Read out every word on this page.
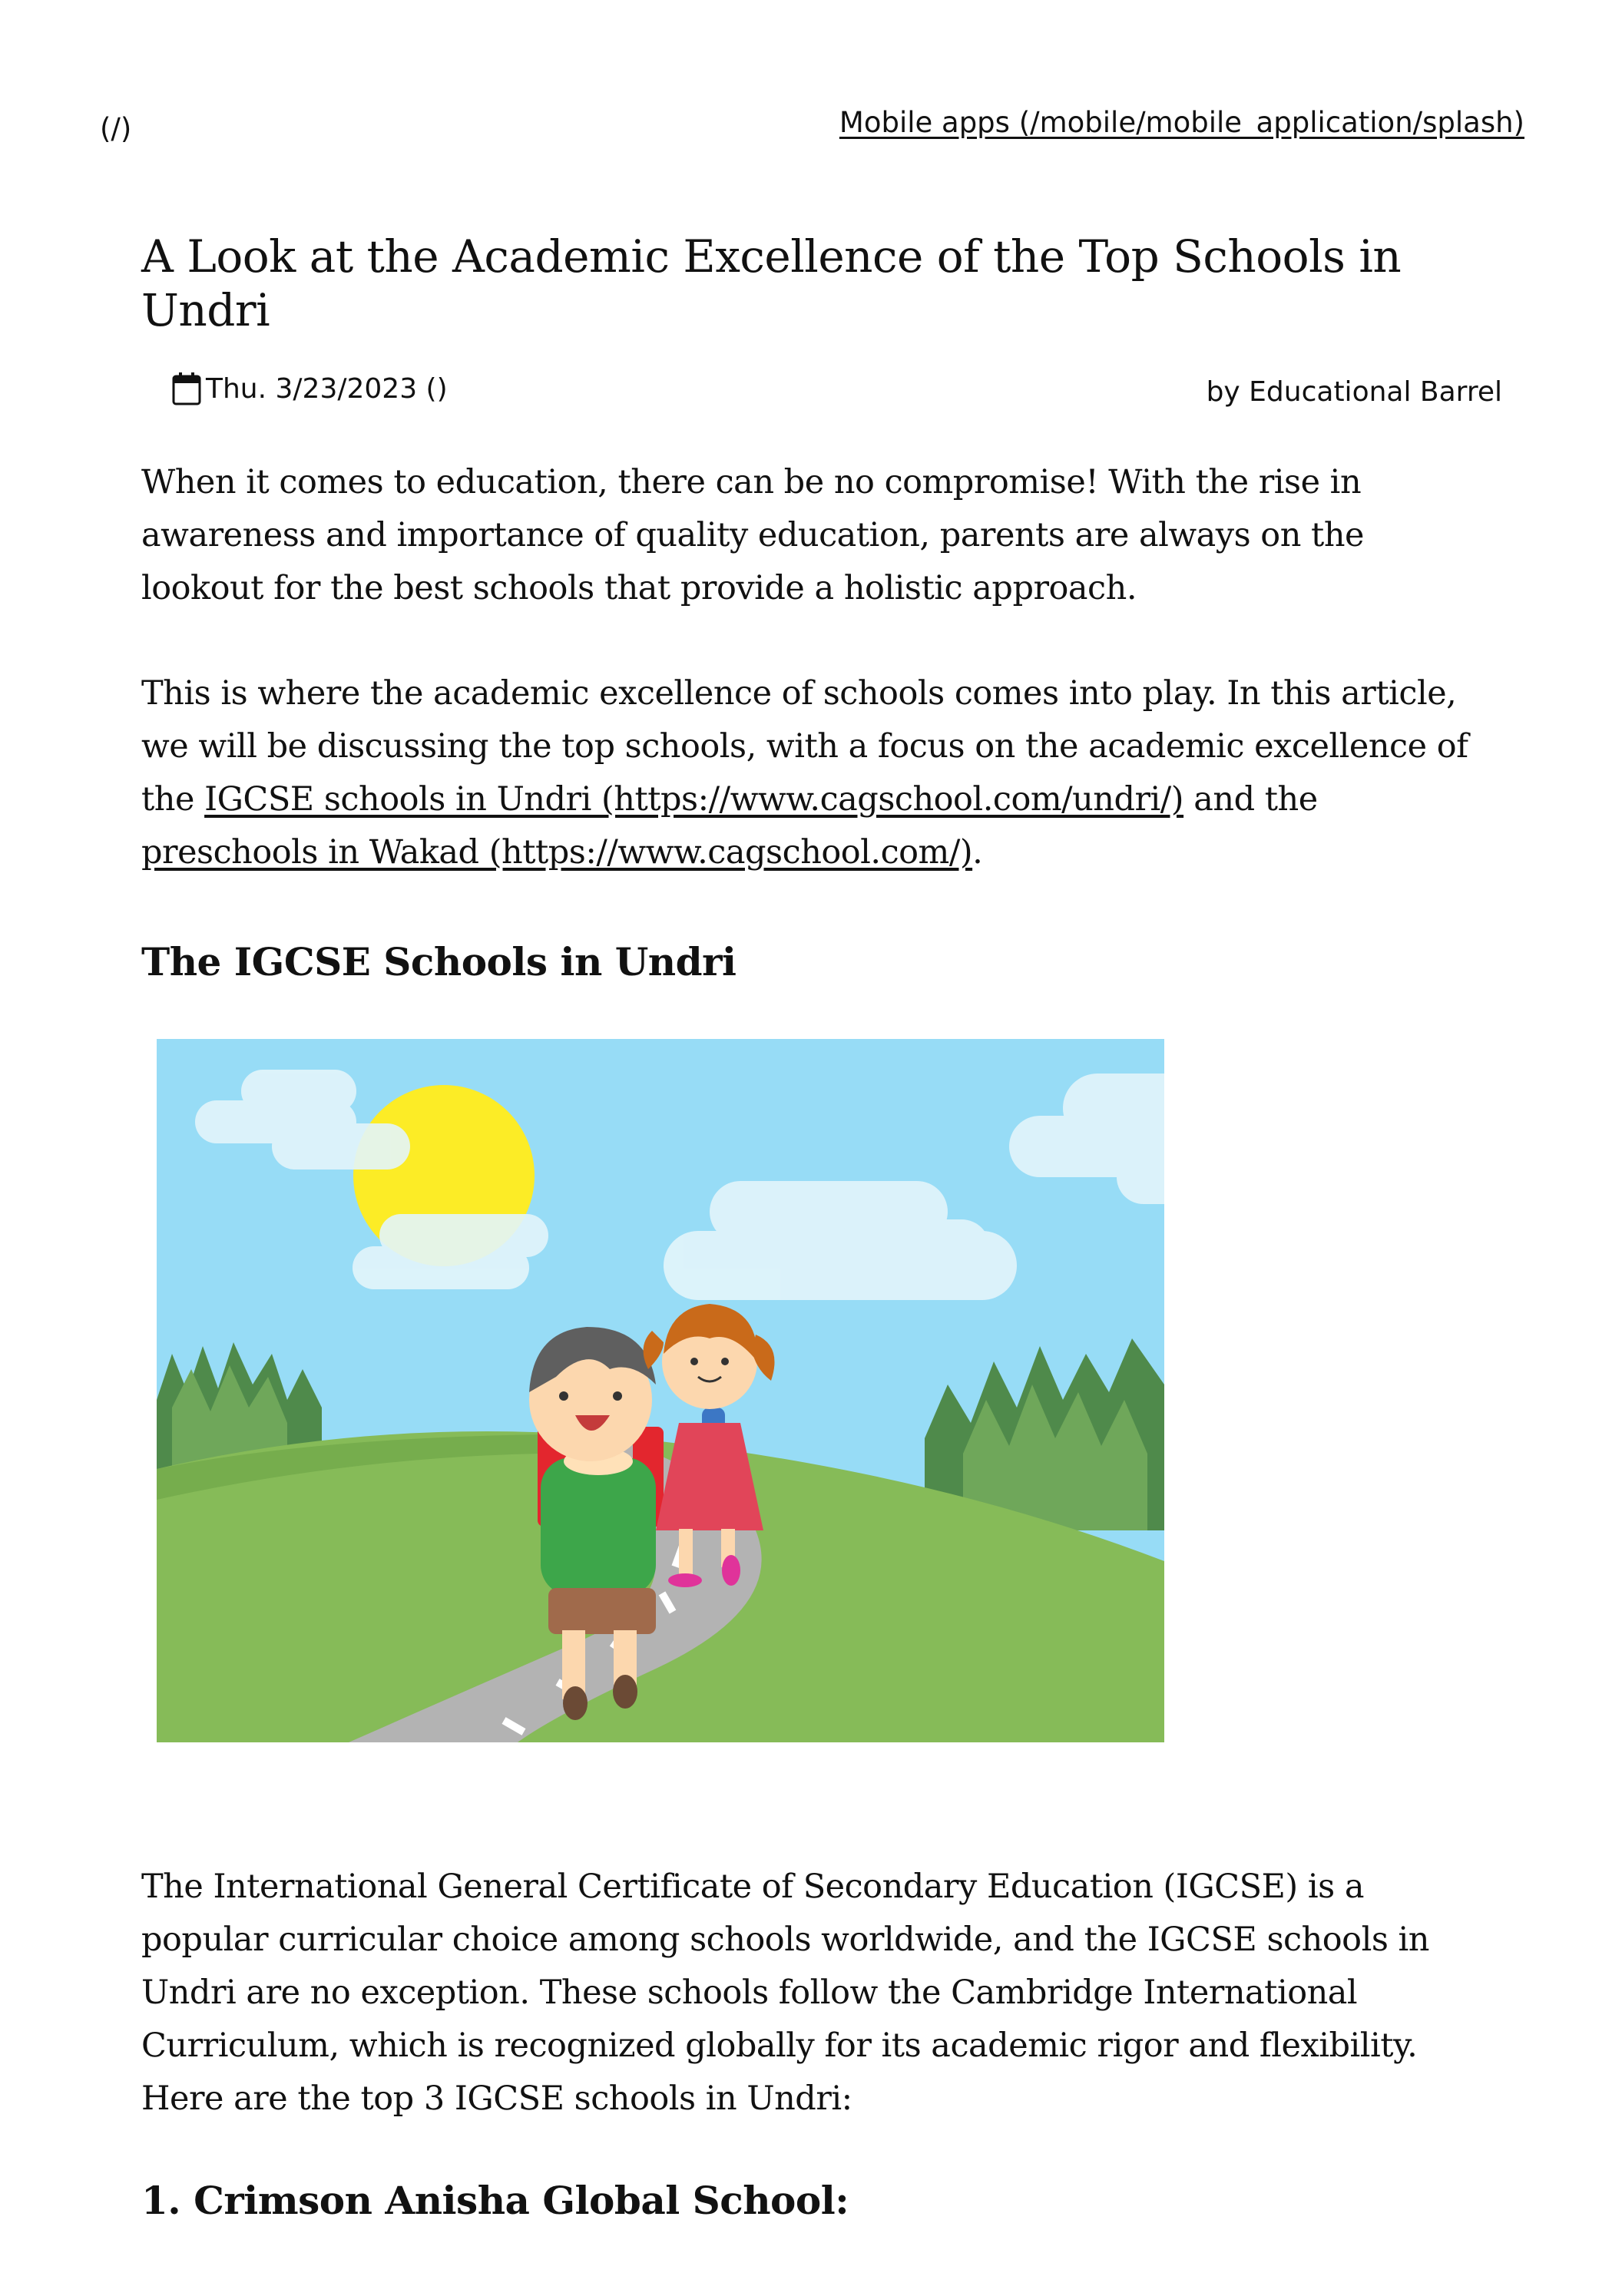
(/)	Mobile apps (/mobile/mobile_application/splash)
A Look at the Academic Excellence of the Top Schools in Undri
Thu. 3/23/2023 ()	by Educational Barrel

When it comes to education, there can be no compromise! With the rise in awareness and importance of quality education, parents are always on the lookout for the best schools that provide a holistic approach.

This is where the academic excellence of schools comes into play. In this article, we will be discussing the top schools, with a focus on the academic excellence of the IGCSE schools in Undri (https://www.cagschool.com/undri/) and the preschools in Wakad (https://www.cagschool.com/).

The IGCSE Schools in Undri

The International General Certificate of Secondary Education (IGCSE) is a popular curricular choice among schools worldwide, and the IGCSE schools in Undri are no exception. These schools follow the Cambridge International Curriculum, which is recognized globally for its academic rigor and flexibility. Here are the top 3 IGCSE schools in Undri:

1. Crimson Anisha Global School:
